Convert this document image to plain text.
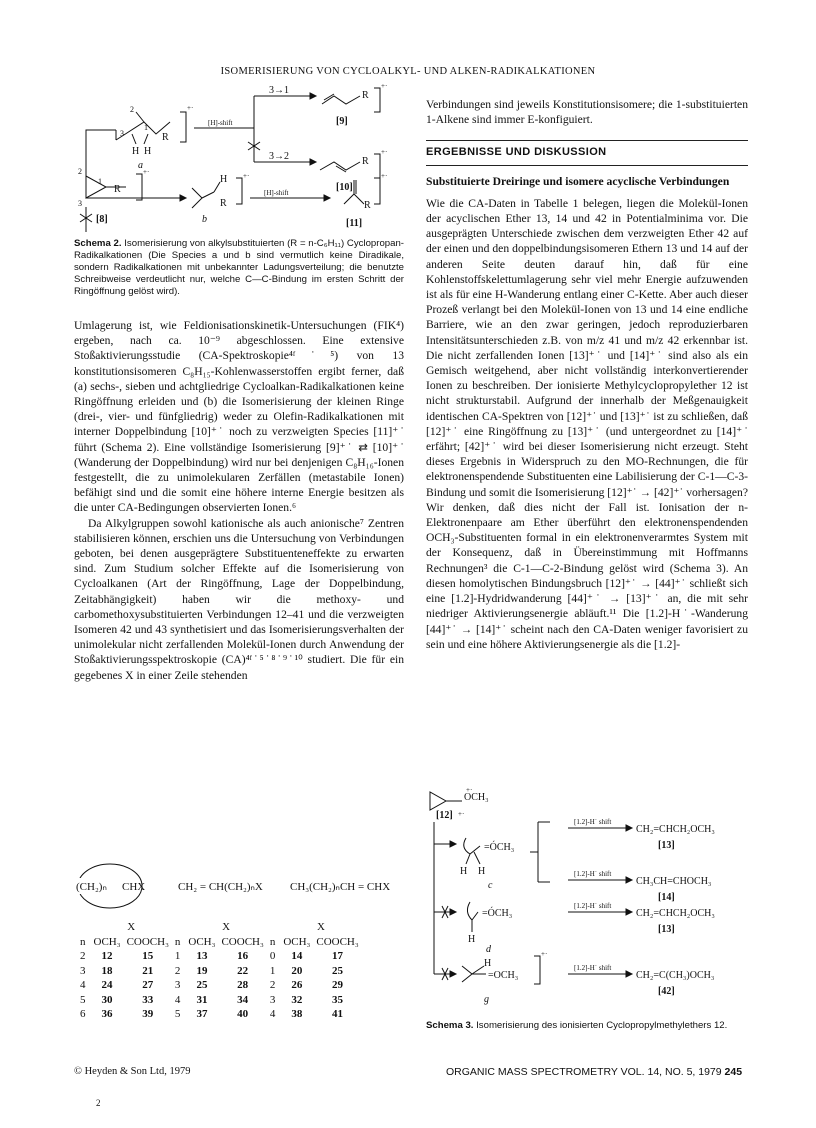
ISOMERISIERUNG VON CYCLOALKYL- UND ALKEN-RADIKALKATIONEN
3→1
3→2
[H]-shift
R
H H
a
2
3
1
+·
R
R
+·
+·
[9]
[10]
R
2
1
3
+·
[8]
H
R
+·
[H]-shift
R
+·
b	[11]
Schema 2. Isomerisierung von alkylsubstituierten (R = n-C₆H₁₁) Cyclopropan-Radikalkationen (Die Species a und b sind vermutlich keine Diradikale, sondern Radikalkationen mit unbekannter Ladungsverteilung; die benutzte Schreibweise verdeutlicht nur, welche C—C-Bindung im ersten Schritt der Ringöffnung gelöst wird).

Umlagerung ist, wie Feldionisationskinetik-Untersuchungen (FIK⁴) ergeben, nach ca. 10⁻⁹ abgeschlossen. Eine extensive Stoßaktivierungsstudie (CA-Spektroskopie⁴ᶠ˙⁵) von 13 konstitutionsisomeren C₈H₁₅-Kohlenwasserstoffen ergibt ferner, daß (a) sechs-, sieben und achtgliedrige Cycloalkan-Radikalkationen keine Ringöffnung erleiden und (b) die Isomerisierung der kleinen Ringe (drei-, vier- und fünfgliedrig) weder zu Olefin-Radikalkationen mit interner Doppelbindung [10]⁺˙ noch zu verzweigten Species [11]⁺˙ führt (Schema 2). Eine vollständige Isomerisierung [9]⁺˙ ⇄ [10]⁺˙ (Wanderung der Doppelbindung) wird nur bei denjenigen C₈H₁₆-Ionen festgestellt, die zu unimolekularen Zerfällen (metastabile Ionen) befähigt sind und die somit eine höhere interne Energie besitzen als die unter CA-Bedingungen observierten Ionen.⁶

Da Alkylgruppen sowohl kationische als auch anionische⁷ Zentren stabilisieren können, erschien uns die Untersuchung von Verbindungen geboten, bei denen ausgeprägtere Substituenteneffekte zu erwarten sind. Zum Studium solcher Effekte auf die Isomerisierung von Cycloalkanen (Art der Ringöffnung, Lage der Doppelbindung, Zeitabhängigkeit) haben wir die methoxy- und carbomethoxysubstituierten Verbindungen 12–41 und die verzweigten Isomeren 42 und 43 synthetisiert und das Isomerisierungsverhalten der unimolekular nicht zerfallenden Molekül-Ionen durch Anwendung der Stoßaktivierungsspektroskopie (CA)⁴ᶠ˙⁵˙⁸˙⁹˙¹⁰ studiert. Die für ein gegebenes X in einer Zeile stehenden

(CH₂)ₙ CHX	CH₂ = CH(CH₂)ₙX CH₃(CH₂)ₙCH = CHX
	X			X			X	
n	OCH₃	COOCH₃	n	OCH₃	COOCH₃	n	OCH₃	COOCH₃
2	12	15	1	13	16	0	14	17
3	18	21	2	19	22	1	20	25
4	24	27	3	25	28	2	26	29
5	30	33	4	31	34	3	32	35
6	36	39	5	37	40	4	38	41

Verbindungen sind jeweils Konstitutionsisomere; die 1-substituierten 1-Alkene sind immer E-konfiguiert.

ERGEBNISSE UND DISKUSSION
Substituierte Dreiringe und isomere acyclische Verbindungen

Wie die CA-Daten in Tabelle 1 belegen, liegen die Molekül-Ionen der acyclischen Ether 13, 14 und 42 in Potentialminima vor. Die ausgeprägten Unterschiede zwischen dem verzweigten Ether 42 auf der einen und den doppelbindungsisomeren Ethern 13 und 14 auf der anderen Seite deuten darauf hin, daß für eine Kohlenstoffskelettumlagerung sehr viel mehr Energie aufzuwenden ist als für eine H-Wanderung entlang einer C-Kette. Aber auch dieser Prozeß verlangt bei den Molekül-Ionen von 13 und 14 eine endliche Barriere, wie an den zwar geringen, jedoch reproduzierbaren Intensitätsunterschieden z.B. von m/z 41 und m/z 42 erkennbar ist. Die nicht zerfallenden Ionen [13]⁺˙ und [14]⁺˙ sind also als ein Gemisch weitgehend, aber nicht vollständig interkonvertierender Ionen zu beschreiben. Der ionisierte Methylcyclopropylether 12 ist nicht strukturstabil. Aufgrund der innerhalb der Meßgenauigkeit identischen CA-Spektren von [12]⁺˙ und [13]⁺˙ ist zu schließen, daß [12]⁺˙ eine Ringöffnung zu [13]⁺˙ (und untergeordnet zu [14]⁺˙ erfährt; [42]⁺˙ wird bei dieser Isomerisierung nicht erzeugt. Steht dieses Ergebnis in Widerspruch zu den MO-Rechnungen, die für elektronenspendende Substituenten eine Labilisierung der C-1—C-3-Bindung und somit die Isomerisierung [12]⁺˙ → [42]⁺˙ vorhersagen? Wir denken, daß dies nicht der Fall ist. Ionisation der n-Elektronenpaare am Ether überführt den elektronenspendenden OCH₃-Substituenten formal in ein elektronenverarmtes System mit der Konsequenz, daß in Übereinstimmung mit Hoffmanns Rechnungen³ die C-1—C-2-Bindung gelöst wird (Schema 3). An diesen homolytischen Bindungsbruch [12]⁺˙ → [44]⁺˙ schließt sich eine [1.2]-Hydridwanderung [44]⁺˙ → [13]⁺˙ an, die mit sehr niedriger Aktivierungsenergie abläuft.¹¹ Die [1.2]-H˙-Wanderung [44]⁺˙ → [14]⁺˙ scheint nach den CA-Daten weniger favorisiert zu sein und eine höhere Aktivierungsenergie als die [1.2]-

OCH₃
+·
[12] +·
=ÓCH₃
H H
c
[1.2]-H˙ shift
CH₂=CHCH₂OCH₃
[13]
[1.2]-H˙ shift
CH₃CH=CHOCH₃
[14]
=ÓCH₃
H
d
[1.2]-H˙ shift
CH₂=CHCH₂OCH₃
[13]
H
=OCH₃
+·
g
[1.2]-H˙ shift
CH₂=C(CH₃)OCH₃
[42]
Schema 3. Isomerisierung des ionisierten Cyclopropylmethylethers 12.
© Heyden & Son Ltd, 1979	ORGANIC MASS SPECTROMETRY VOL. 14, NO. 5, 1979 245
2
